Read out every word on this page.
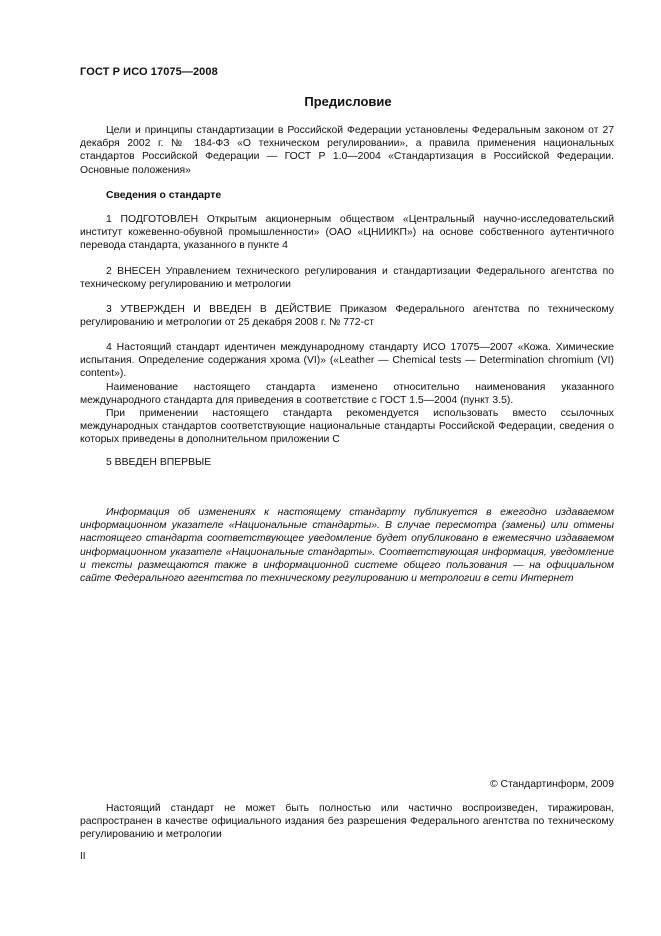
ГОСТ Р ИСО 17075—2008
Предисловие
Цели и принципы стандартизации в Российской Федерации установлены Федеральным законом от 27 декабря 2002 г. № 184-ФЗ «О техническом регулировании», а правила применения национальных стандартов Российской Федерации — ГОСТ Р 1.0—2004 «Стандартизация в Российской Федерации. Основные положения»
Сведения о стандарте
1 ПОДГОТОВЛЕН Открытым акционерным обществом «Центральный научно-исследовательский институт кожевенно-обувной промышленности» (ОАО «ЦНИИКП») на основе собственного аутентичного перевода стандарта, указанного в пункте 4
2 ВНЕСЕН Управлением технического регулирования и стандартизации Федерального агентства по техническому регулированию и метрологии
3 УТВЕРЖДЕН И ВВЕДЕН В ДЕЙСТВИЕ Приказом Федерального агентства по техническому регулированию и метрологии от 25 декабря 2008 г. № 772-ст

4 Настоящий стандарт идентичен международному стандарту ИСО 17075—2007 «Кожа. Химические испытания. Определение содержания хрома (VI)» («Leather — Chemical tests — Determination chromium (VI) content»).

Наименование настоящего стандарта изменено относительно наименования указанного международного стандарта для приведения в соответствие с ГОСТ 1.5—2004 (пункт 3.5).

При применении настоящего стандарта рекомендуется использовать вместо ссылочных международных стандартов соответствующие национальные стандарты Российской Федерации, сведения о которых приведены в дополнительном приложении С

5 ВВЕДЕН ВПЕРВЫЕ
Информация об изменениях к настоящему стандарту публикуется в ежегодно издаваемом информационном указателе «Национальные стандарты». В случае пересмотра (замены) или отмены настоящего стандарта соответствующее уведомление будет опубликовано в ежемесячно издаваемом информационном указателе «Национальные стандарты». Соответствующая информация, уведомление и тексты размещаются также в информационной системе общего пользования — на официальном сайте Федерального агентства по техническому регулированию и метрологии в сети Интернет
© Стандартинформ, 2009
Настоящий стандарт не может быть полностью или частично воспроизведен, тиражирован, распространен в качестве официального издания без разрешения Федерального агентства по техническому регулированию и метрологии
II
